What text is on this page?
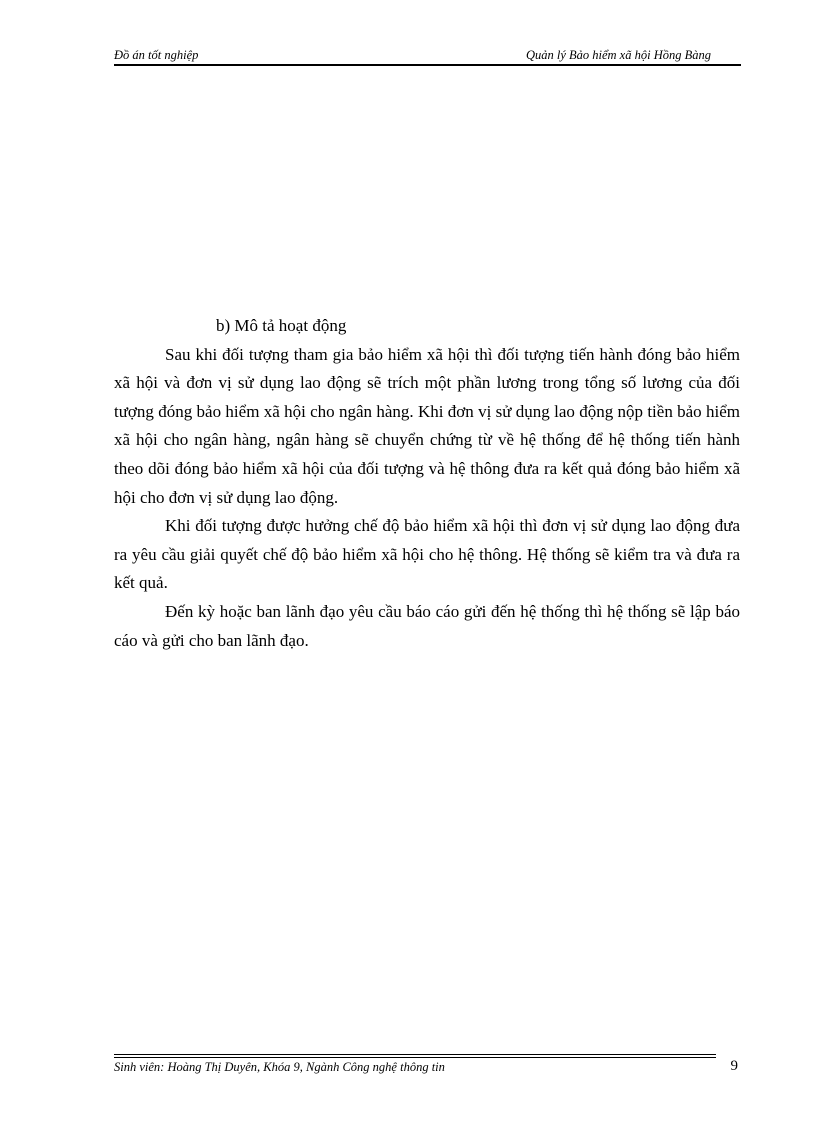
Đồ án tốt nghiệp	Quản lý Bảo hiểm xã hội Hồng Bàng

b) Mô tả hoạt động

Sau khi đối tượng tham gia bảo hiểm xã hội thì đối tượng tiến hành đóng bảo hiểm xã hội và đơn vị sử dụng lao động sẽ trích một phần lương trong tổng số lương của đối tượng đóng bảo hiểm xã hội cho ngân hàng. Khi đơn vị sử dụng lao động nộp tiền bảo hiểm xã hội cho ngân hàng, ngân hàng sẽ chuyển chứng từ về hệ thống để hệ thống tiến hành theo dõi đóng bảo hiểm xã hội của đối tượng và hệ thông đưa ra kết quả đóng bảo hiểm xã hội cho đơn vị sử dụng lao động.

Khi đối tượng được hưởng chế độ bảo hiểm xã hội thì đơn vị sử dụng lao động đưa ra yêu cầu giải quyết chế độ bảo hiểm xã hội cho hệ thông. Hệ thống sẽ kiểm tra và đưa ra kết quả.

Đến kỳ hoặc ban lãnh đạo yêu cầu báo cáo gửi đến hệ thống thì hệ thống sẽ lập báo cáo và gửi cho ban lãnh đạo.

Sinh viên: Hoàng Thị Duyên, Khóa 9, Ngành Công nghệ thông tin	9
